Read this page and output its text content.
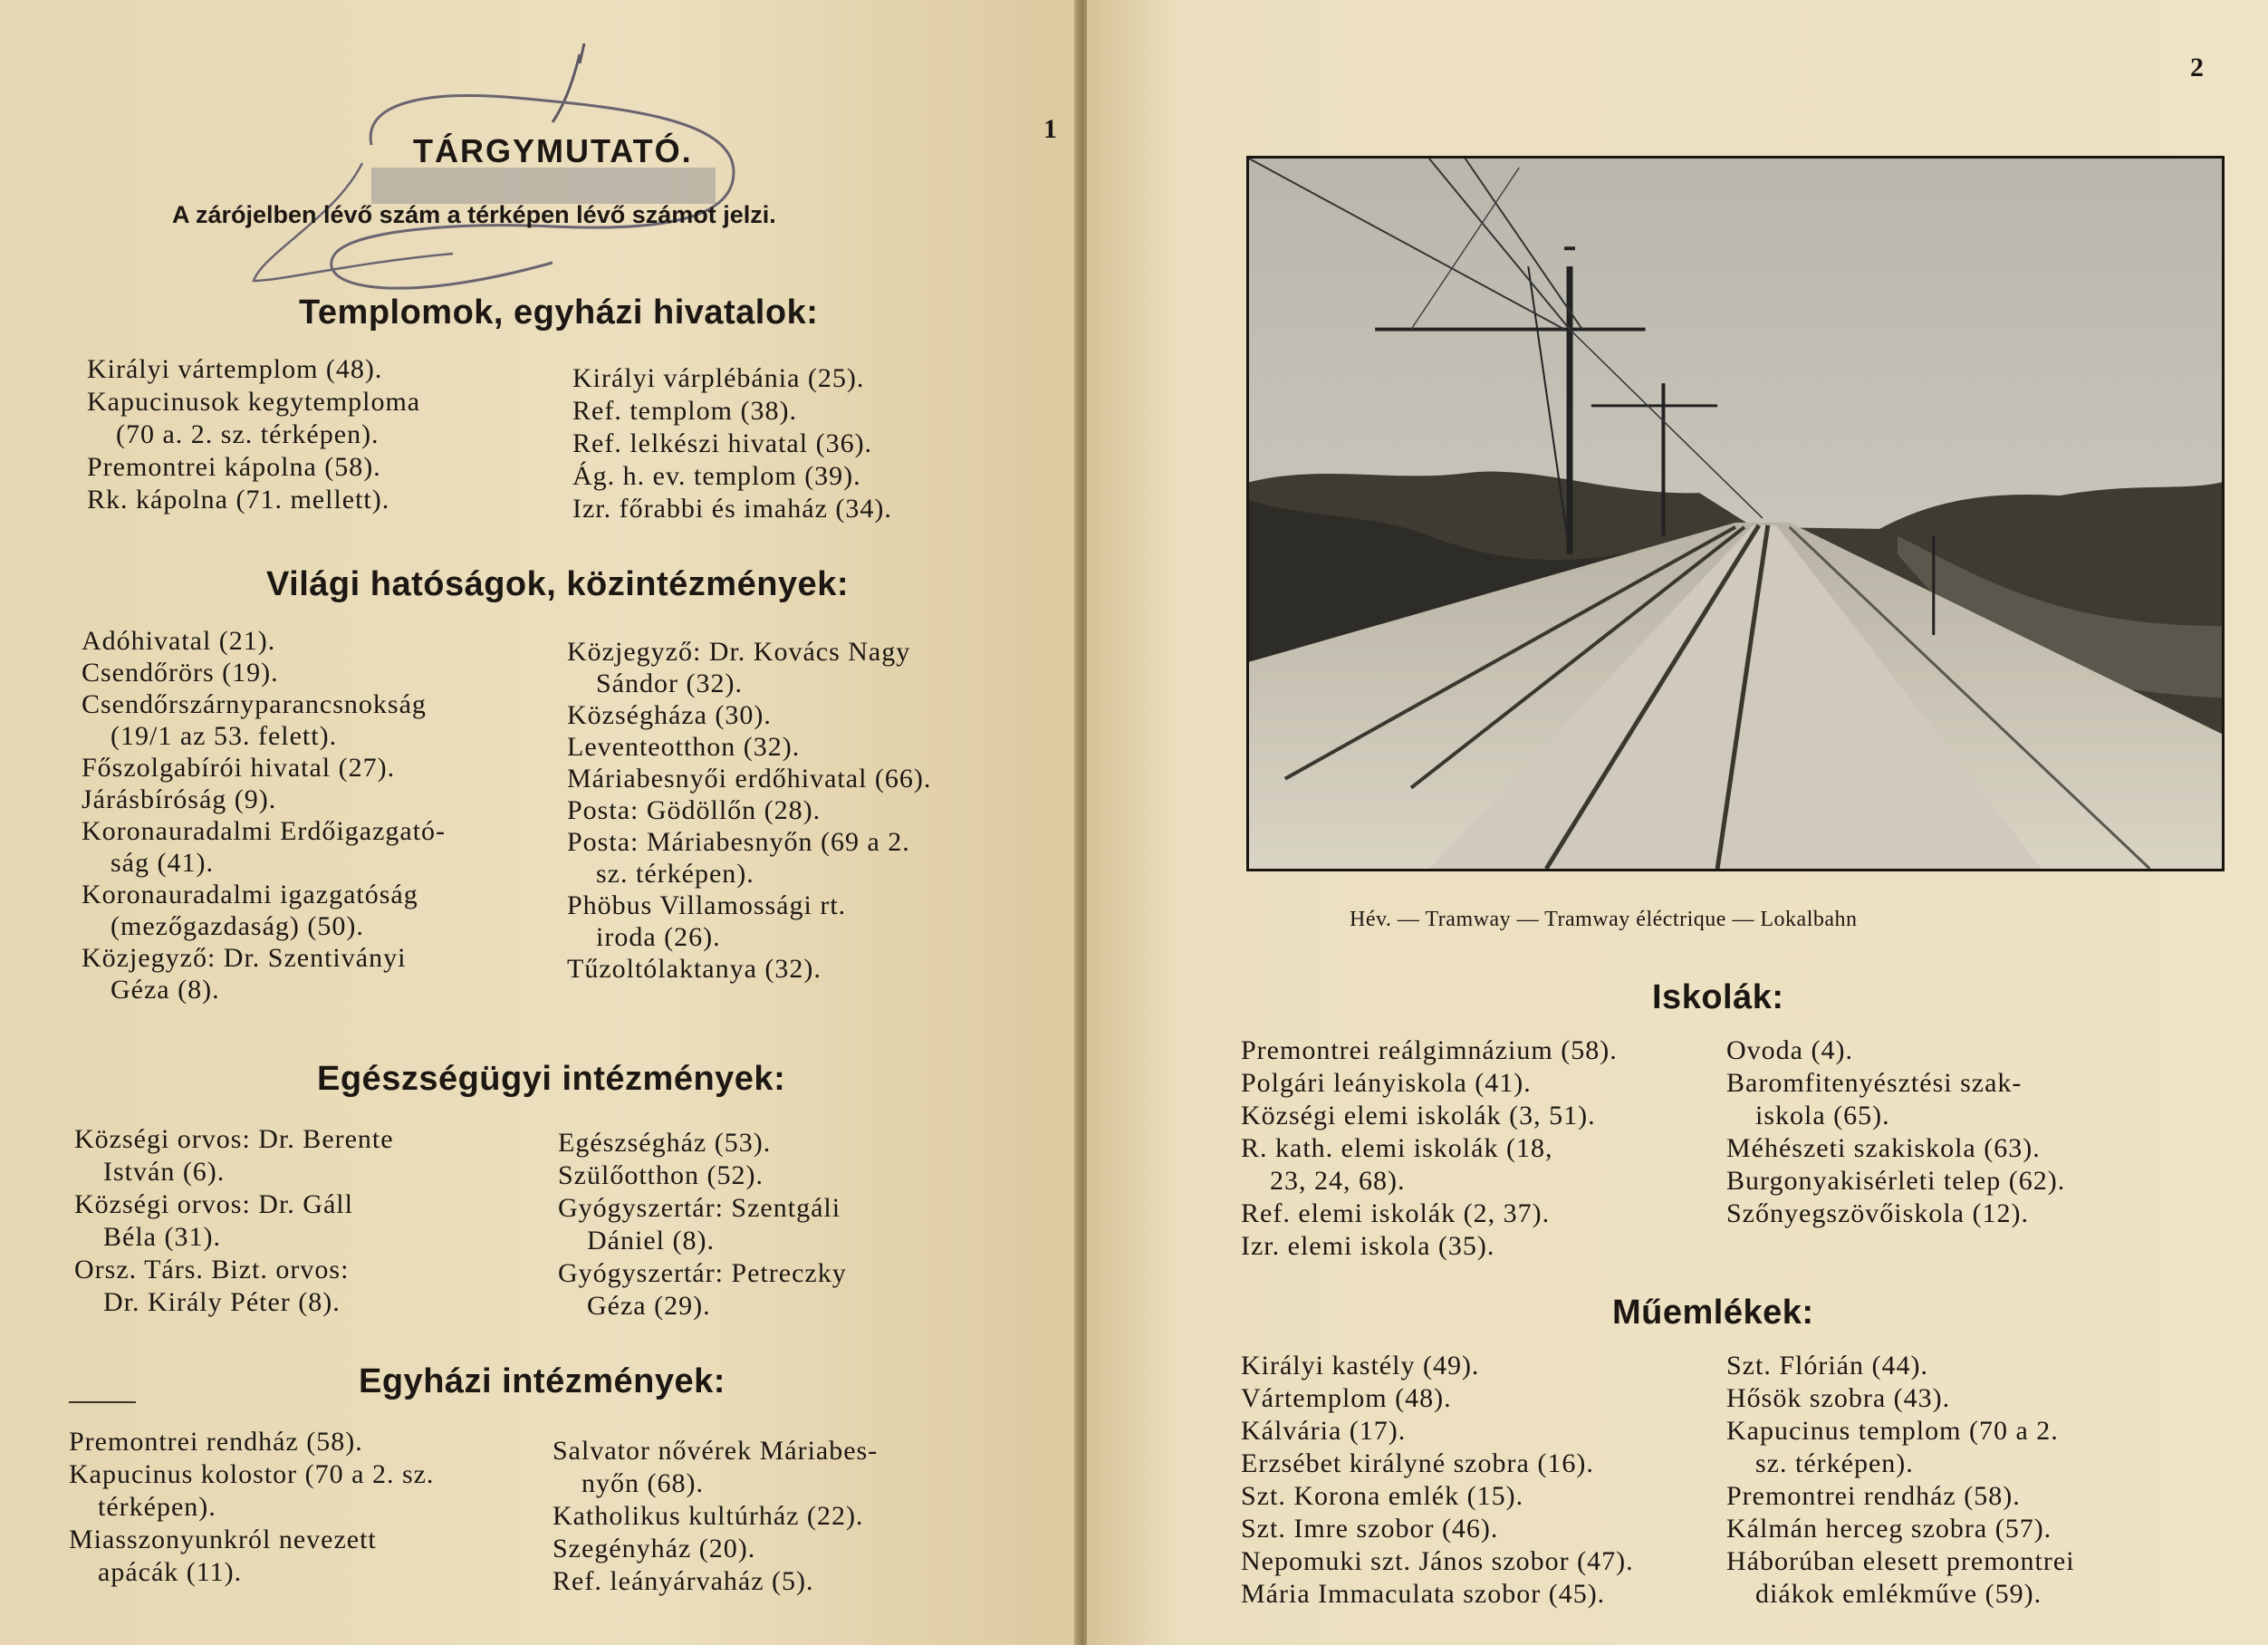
1
TÁRGYMUTATÓ.
A zárójelben lévő szám a térképen lévő számot jelzi.
Templomok, egyházi hivatalok:
Királyi vártemplom (48).
Kapucinusok kegytemploma
(70 a. 2. sz. térképen).
Premontrei kápolna (58).
Rk. kápolna (71. mellett).
Királyi várplébánia (25).
Ref. templom (38).
Ref. lelkészi hivatal (36).
Ág. h. ev. templom (39).
Izr. főrabbi és imaház (34).
Világi hatóságok, közintézmények:
Adóhivatal (21).
Csendőrörs (19).
Csendőrszárnyparancsnokság
(19/1 az 53. felett).
Főszolgabírói hivatal (27).
Járásbíróság (9).
Koronauradalmi Erdőigazgató-
ság (41).
Koronauradalmi igazgatóság
(mezőgazdaság) (50).
Közjegyző: Dr. Szentiványi
Géza (8).
Közjegyző: Dr. Kovács Nagy
Sándor (32).
Községháza (30).
Leventeotthon (32).
Máriabesnyői erdőhivatal (66).
Posta: Gödöllőn (28).
Posta: Máriabesnyőn (69 a 2.
sz. térképen).
Phöbus Villamossági rt.
iroda (26).
Tűzoltólaktanya (32).
Egészségügyi intézmények:
Községi orvos: Dr. Berente
István (6).
Községi orvos: Dr. Gáll
Béla (31).
Orsz. Társ. Bizt. orvos:
Dr. Király Péter (8).
Egészségház (53).
Szülőotthon (52).
Gyógyszertár: Szentgáli
Dániel (8).
Gyógyszertár: Petreczky
Géza (29).
Egyházi intézmények:
Premontrei rendház (58).
Kapucinus kolostor (70 a 2. sz.
térképen).
Miasszonyunkról nevezett
apácák (11).
Salvator nővérek Máriabes-
nyőn (68).
Katholikus kultúrház (22).
Szegényház (20).
Ref. leányárvaház (5).
2
Hév. — Tramway — Tramway éléctrique — Lokalbahn
Iskolák:
Premontrei reálgimnázium (58).
Polgári leányiskola (41).
Községi elemi iskolák (3, 51).
R. kath. elemi iskolák (18,
23, 24, 68).
Ref. elemi iskolák (2, 37).
Izr. elemi iskola (35).
Ovoda (4).
Baromfitenyésztési szak-
iskola (65).
Méhészeti szakiskola (63).
Burgonyakisérleti telep (62).
Szőnyegszövőiskola (12).
Műemlékek:
Királyi kastély (49).
Vártemplom (48).
Kálvária (17).
Erzsébet királyné szobra (16).
Szt. Korona emlék (15).
Szt. Imre szobor (46).
Nepomuki szt. János szobor (47).
Mária Immaculata szobor (45).
Szt. Flórián (44).
Hősök szobra (43).
Kapucinus templom (70 a 2.
sz. térképen).
Premontrei rendház (58).
Kálmán herceg szobra (57).
Háborúban elesett premontrei
diákok emlékműve (59).
